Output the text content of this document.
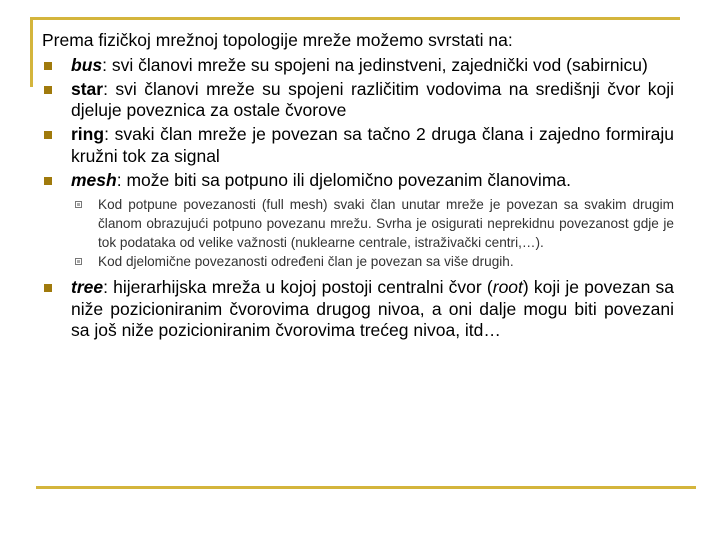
Prema fizičkoj mrežnoj topologije mreže možemo svrstati na:

bus: svi članovi mreže su spojeni na jedinstveni, zajednički vod (sabirnicu)
star: svi članovi mreže su spojeni različitim vodovima na središnji čvor koji djeluje poveznica za ostale čvorove
ring: svaki član mreže je povezan sa tačno 2 druga člana i zajedno formiraju kružni tok za signal
mesh: može biti sa potpuno ili djelomično povezanim članovima.
Kod potpune povezanosti (full mesh) svaki član unutar mreže je povezan sa svakim drugim članom obrazujući potpuno povezanu mrežu. Svrha je osigurati neprekidnu povezanost gdje je tok podataka od velike važnosti (nuklearne centrale, istraživački centri,…).
Kod djelomične povezanosti određeni član je povezan sa više drugih.
tree: hijerarhijska mreža u kojoj postoji centralni čvor (root) koji je povezan sa niže pozicioniranim čvorovima drugog nivoa, a oni dalje mogu biti povezani sa još niže pozicioniranim čvorovima trećeg nivoa, itd…
